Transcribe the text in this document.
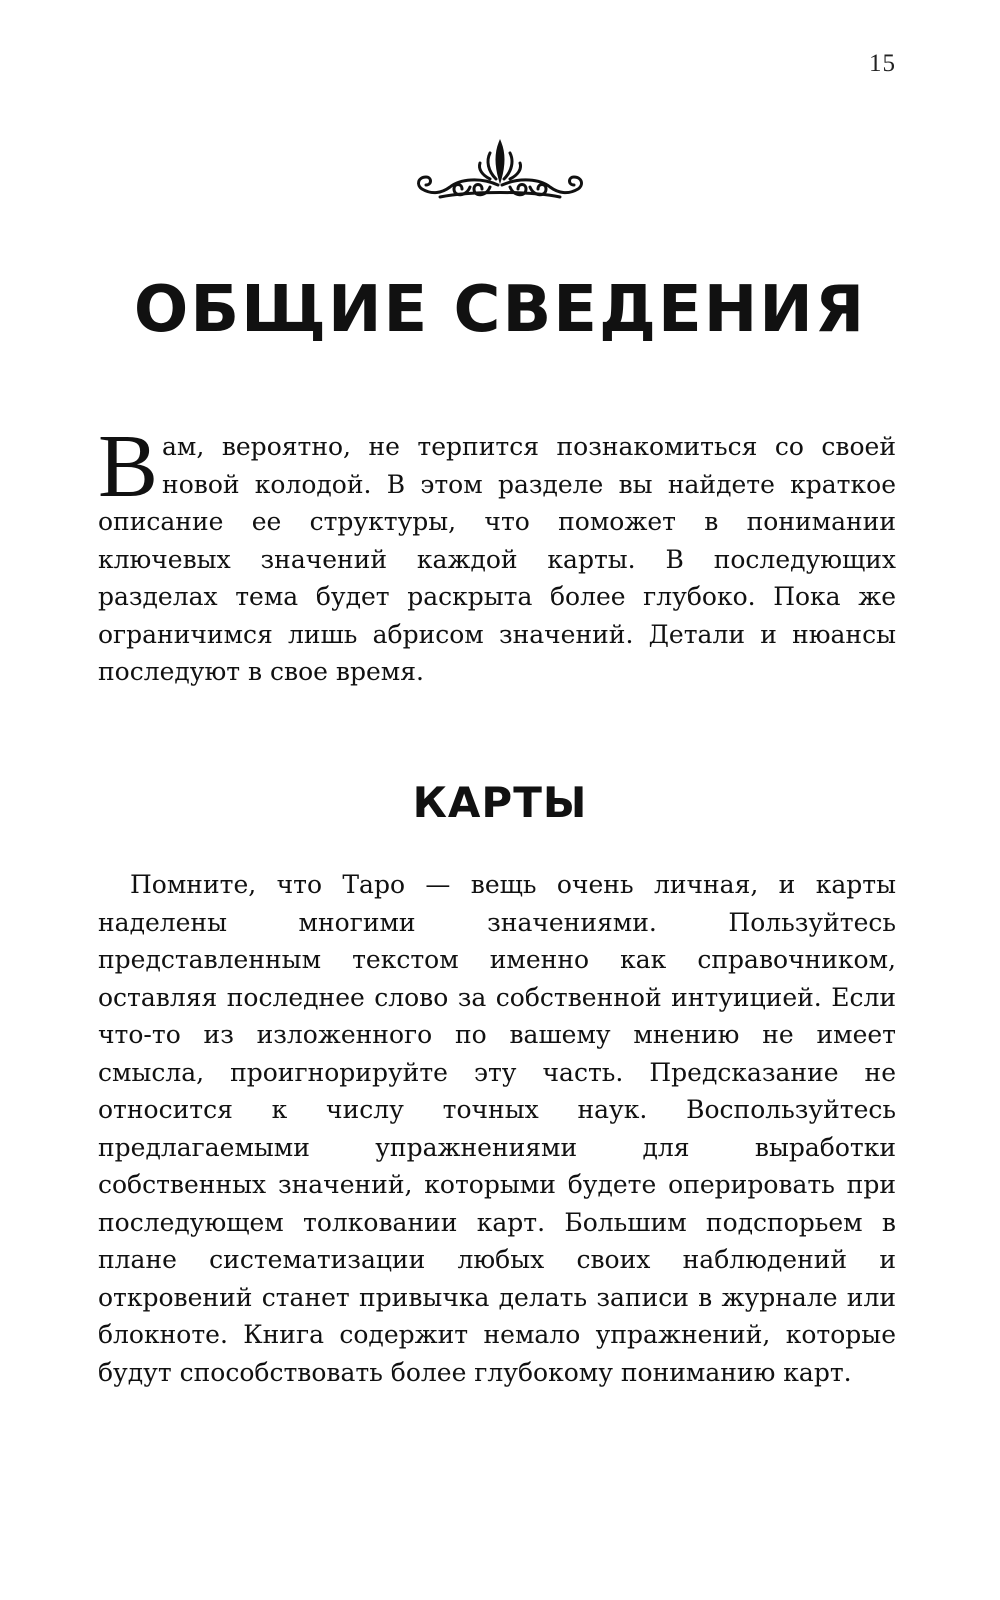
15
ОБЩИЕ СВЕДЕНИЯ

Вам, вероятно, не терпится познакомиться со своей новой колодой. В этом разделе вы найдете краткое описание ее структуры, что поможет в понимании ключевых значений каждой карты. В последующих разделах тема будет раскрыта более глубоко. Пока же ограничимся лишь абрисом значений. Детали и нюансы последуют в свое время.

КАРТЫ

Помните, что Таро — вещь очень личная, и карты наделены многими значениями. Пользуйтесь представленным текстом именно как справочником, оставляя последнее слово за собственной интуицией. Если что-то из изложенного по вашему мнению не имеет смысла, проигнорируйте эту часть. Предсказание не относится к числу точных наук. Воспользуйтесь предлагаемыми упражнениями для выработки собственных значений, которыми будете оперировать при последующем толковании карт. Большим подспорьем в плане систематизации любых своих наблюдений и откровений станет привычка делать записи в журнале или блокноте. Книга содержит немало упражнений, которые будут способствовать более глубокому пониманию карт.
